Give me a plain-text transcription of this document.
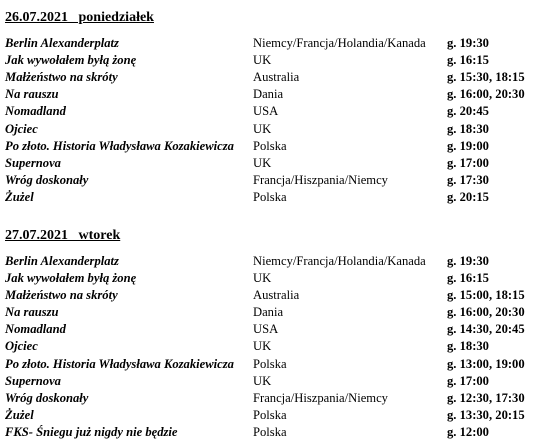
26.07.2021   poniedziałek
Berlin Alexanderplatz	Niemcy/Francja/Holandia/Kanada	g. 19:30
Jak wywołałem byłą żonę	UK	g. 16:15
Małżeństwo na skróty	Australia	g. 15:30, 18:15
Na rauszu	Dania	g. 16:00, 20:30
Nomadland	USA	g. 20:45
Ojciec	UK	g. 18:30
Po złoto. Historia Władysława Kozakiewicza	Polska	g. 19:00
Supernova	UK	g. 17:00
Wróg doskonały	Francja/Hiszpania/Niemcy	g. 17:30
Żużel	Polska	g. 20:15
27.07.2021   wtorek
Berlin Alexanderplatz	Niemcy/Francja/Holandia/Kanada	g. 19:30
Jak wywołałem byłą żonę	UK	g. 16:15
Małżeństwo na skróty	Australia	g. 15:00, 18:15
Na rauszu	Dania	g. 16:00, 20:30
Nomadland	USA	g. 14:30, 20:45
Ojciec	UK	g. 18:30
Po złoto. Historia Władysława Kozakiewicza	Polska	g. 13:00, 19:00
Supernova	UK	g. 17:00
Wróg doskonały	Francja/Hiszpania/Niemcy	g. 12:30, 17:30
Żużel	Polska	g. 13:30, 20:15
FKS- Śniegu już nigdy nie będzie	Polska	g. 12:00
